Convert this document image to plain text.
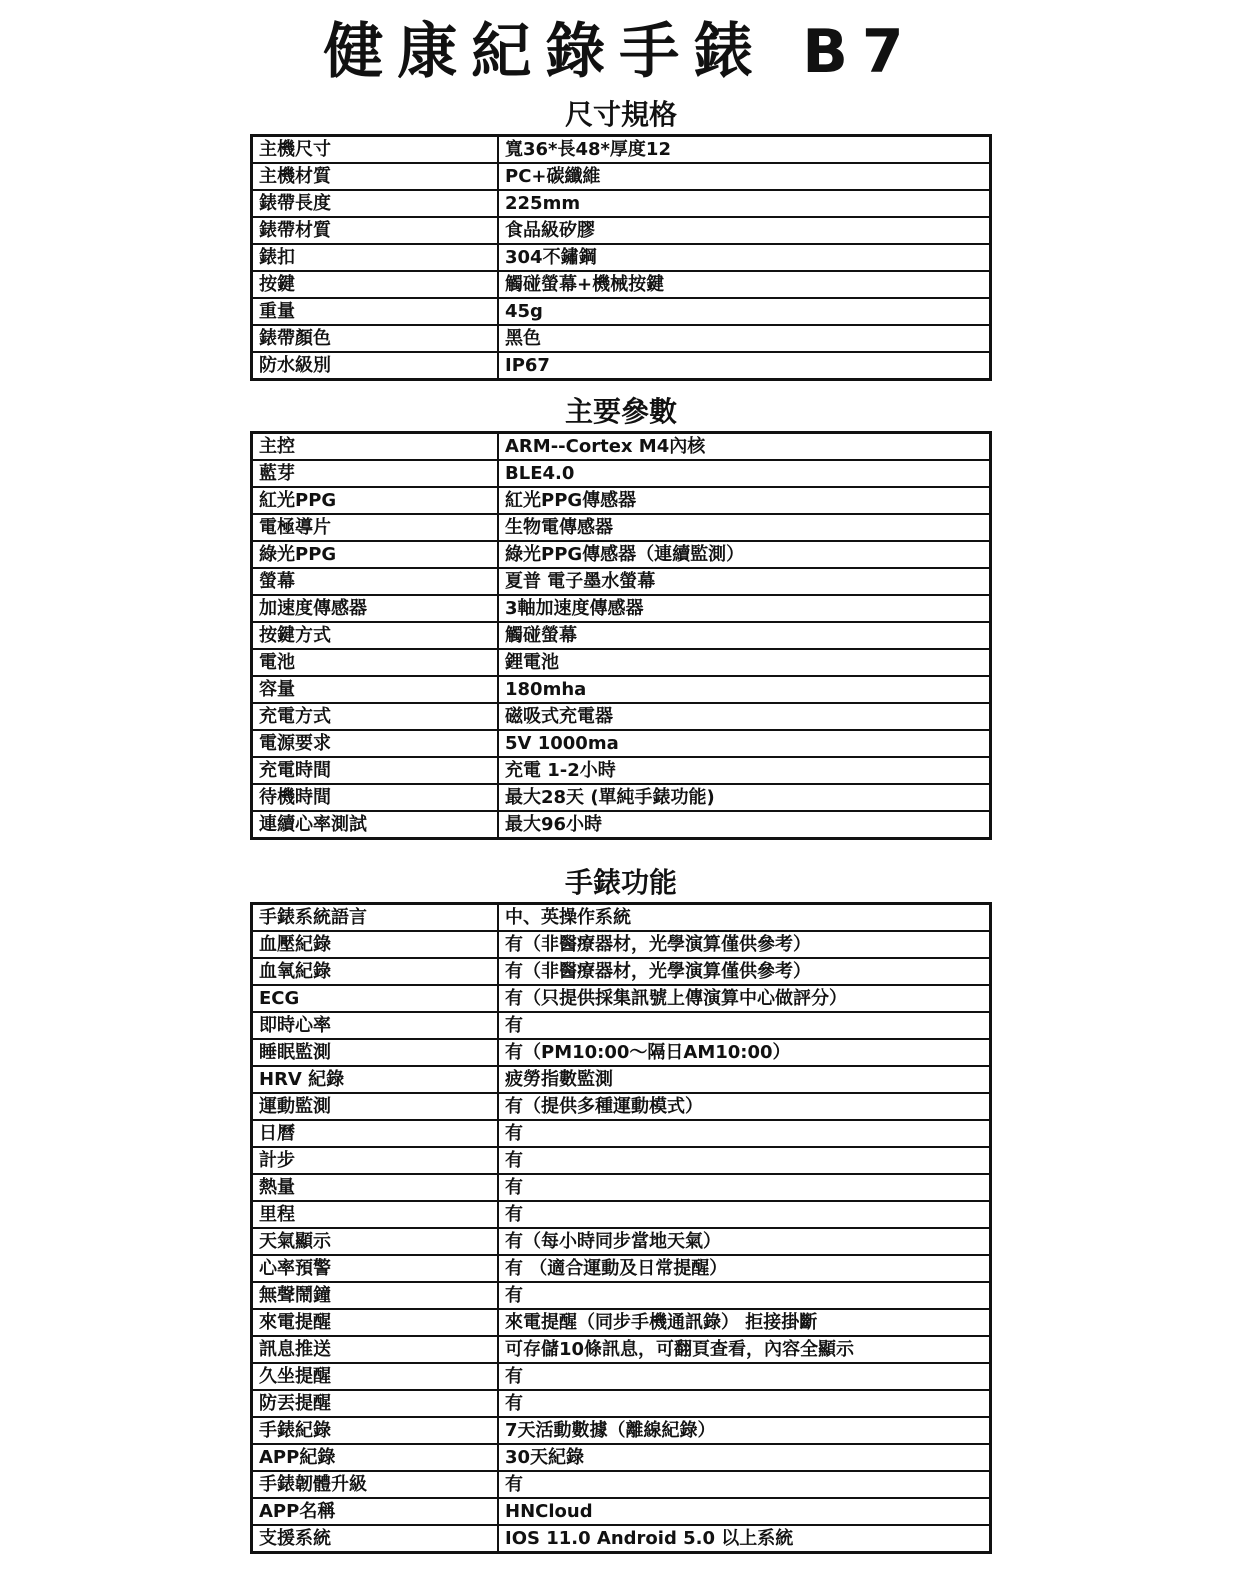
健康紀錄手錶 B7
尺寸規格
主機尺寸	寬36*長48*厚度12
主機材質	PC+碳纖維
錶帶長度	225mm
錶帶材質	食品級矽膠
錶扣	304不鏽鋼
按鍵	觸碰螢幕+機械按鍵
重量	45g
錶帶顏色	黑色
防水級別	IP67
主要參數
主控	ARM--Cortex M4內核
藍芽	BLE4.0
紅光PPG	紅光PPG傳感器
電極導片	生物電傳感器
綠光PPG	綠光PPG傳感器（連續監測）
螢幕	夏普 電子墨水螢幕
加速度傳感器	3軸加速度傳感器
按鍵方式	觸碰螢幕
電池	鋰電池
容量	180mha
充電方式	磁吸式充電器
電源要求	5V 1000ma
充電時間	充電 1-2小時
待機時間	最大28天 (單純手錶功能)
連續心率測試	最大96小時
手錶功能
手錶系統語言	中、英操作系統
血壓紀錄	有（非醫療器材，光學演算僅供參考）
血氧紀錄	有（非醫療器材，光學演算僅供參考）
ECG	有（只提供採集訊號上傳演算中心做評分）
即時心率	有
睡眠監測	有（PM10:00～隔日AM10:00）
HRV 紀錄	疲勞指數監測
運動監測	有（提供多種運動模式）
日曆	有
計步	有
熱量	有
里程	有
天氣顯示	有（每小時同步當地天氣）
心率預警	有 （適合運動及日常提醒）
無聲鬧鐘	有
來電提醒	來電提醒（同步手機通訊錄） 拒接掛斷
訊息推送	可存儲10條訊息，可翻頁查看，內容全顯示
久坐提醒	有
防丟提醒	有
手錶紀錄	7天活動數據（離線紀錄）
APP紀錄	30天紀錄
手錶韌體升級	有
APP名稱	HNCloud
支援系統	IOS 11.0 Android 5.0 以上系統
